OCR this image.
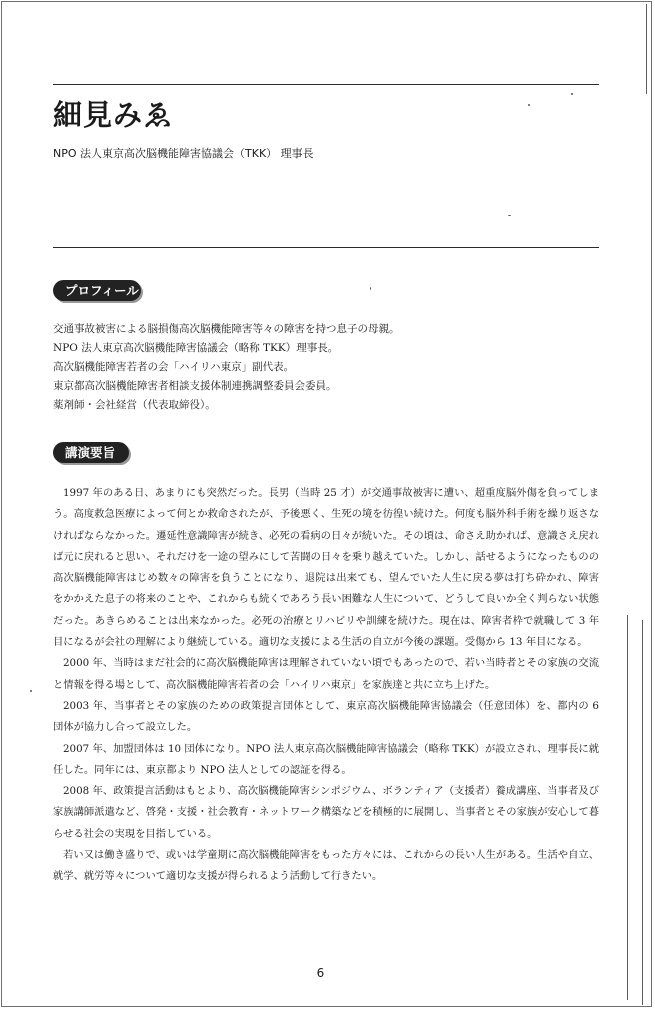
細見みゑ
NPO 法人東京高次脳機能障害協議会（TKK） 理事長
プロフィール
交通事故被害による脳損傷高次脳機能障害等々の障害を持つ息子の母親。
NPO 法人東京高次脳機能障害協議会（略称 TKK）理事長。
高次脳機能障害若者の会「ハイリハ東京」副代表。
東京都高次脳機能障害者相談支援体制連携調整委員会委員。
薬剤師・会社経営（代表取締役）。
講演要旨

1997 年のある日、あまりにも突然だった。長男（当時 25 才）が交通事故被害に遭い、超重度脳外傷を負ってしまう。高度救急医療によって何とか救命されたが、予後悪く、生死の境を彷徨い続けた。何度も脳外科手術を繰り返さなければならなかった。遷延性意識障害が続き、必死の看病の日々が続いた。その頃は、命さえ助かれば、意識さえ戻れば元に戻れると思い、それだけを一途の望みにして苦闘の日々を乗り越えていた。しかし、話せるようになったものの高次脳機能障害はじめ数々の障害を負うことになり、退院は出来ても、望んでいた人生に戻る夢は打ち砕かれ、障害をかかえた息子の将来のことや、これからも続くであろう長い困難な人生について、どうして良いか全く判らない状態だった。あきらめることは出来なかった。必死の治療とリハビリや訓練を続けた。現在は、障害者枠で就職して 3 年目になるが会社の理解により継続している。適切な支援による生活の自立が今後の課題。受傷から 13 年目になる。

2000 年、当時はまだ社会的に高次脳機能障害は理解されていない頃でもあったので、若い当時者とその家族の交流と情報を得る場として、高次脳機能障害若者の会「ハイリハ東京」を家族達と共に立ち上げた。

2003 年、当事者とその家族のための政策提言団体として、東京高次脳機能障害協議会（任意団体）を、都内の 6 団体が協力し合って設立した。

2007 年、加盟団体は 10 団体になり。NPO 法人東京高次脳機能障害協議会（略称 TKK）が設立され、理事長に就任した。同年には、東京都より NPO 法人としての認証を得る。

2008 年、政策提言活動はもとより、高次脳機能障害シンポジウム、ボランティア（支援者）養成講座、当事者及び家族講師派遣など、啓発・支援・社会教育・ネットワーク構築などを積極的に展開し、当事者とその家族が安心して暮らせる社会の実現を目指している。

若い又は働き盛りで、或いは学童期に高次脳機能障害をもった方々には、これからの長い人生がある。生活や自立、就学、就労等々について適切な支援が得られるよう活動して行きたい。

6
